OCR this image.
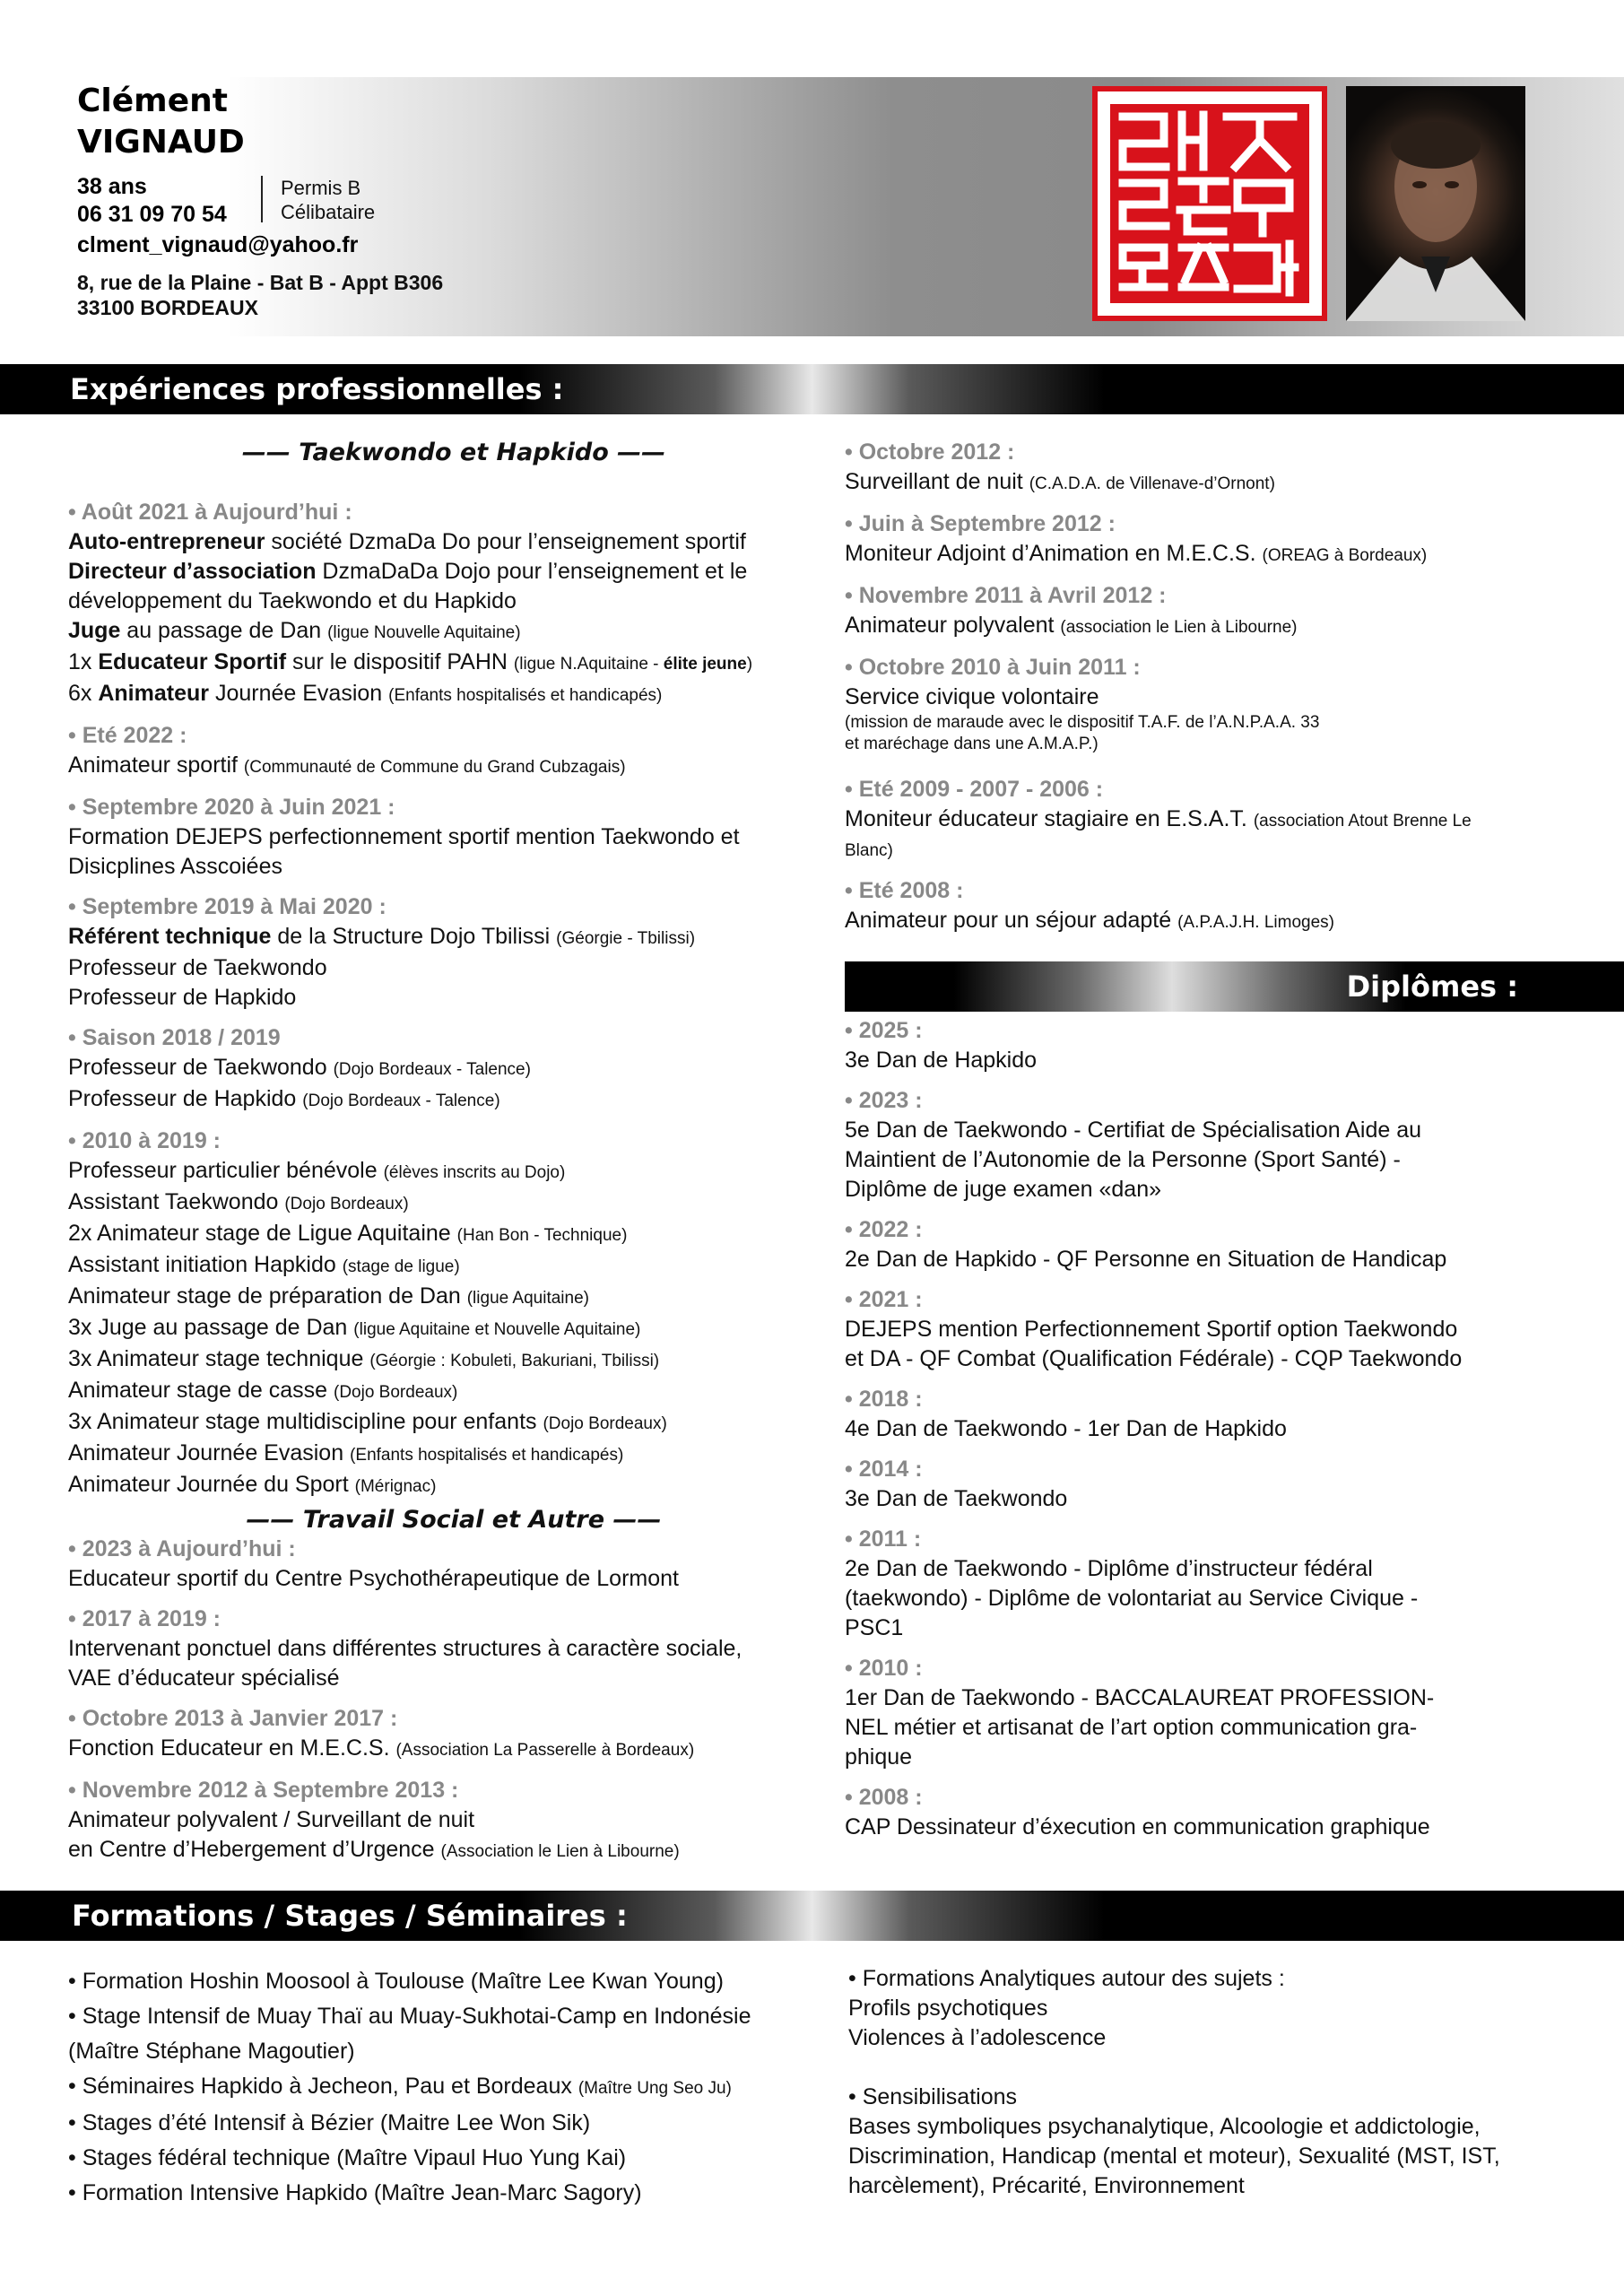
Clément
VIGNAUD
38 ans
06 31 09 70 54
Permis B
Célibataire
clment_vignaud@yahoo.fr
8, rue de la Plaine - Bat B - Appt B306
33100 BORDEAUX
Expériences professionnelles :
—— Taekwondo et Hapkido ——
• Août 2021 à Aujourd’hui :
Auto-entrepreneur société DzmaDa Do pour l’enseignement sportif
Directeur d’association DzmaDaDa Dojo pour l’enseignement et le
développement du Taekwondo et du Hapkido
Juge au passage de Dan (ligue Nouvelle Aquitaine)
1x Educateur Sportif sur le dispositif PAHN (ligue N.Aquitaine - élite jeune)
6x Animateur Journée Evasion (Enfants hospitalisés et handicapés)
• Eté 2022 :
Animateur sportif (Communauté de Commune du Grand Cubzagais)
• Septembre 2020 à Juin 2021 :
Formation DEJEPS perfectionnement sportif mention Taekwondo et
Disicplines Asscoiées
• Septembre 2019 à Mai 2020 :
Référent technique de la Structure Dojo Tbilissi (Géorgie - Tbilissi)
Professeur de Taekwondo
Professeur de Hapkido
• Saison 2018 / 2019
Professeur de Taekwondo (Dojo Bordeaux - Talence)
Professeur de Hapkido (Dojo Bordeaux - Talence)
• 2010 à 2019 :
Professeur particulier bénévole (élèves inscrits au Dojo)
Assistant Taekwondo (Dojo Bordeaux)
2x Animateur stage de Ligue Aquitaine (Han Bon - Technique)
Assistant initiation Hapkido (stage de ligue)
Animateur stage de préparation de Dan (ligue Aquitaine)
3x Juge au passage de Dan (ligue Aquitaine et Nouvelle Aquitaine)
3x Animateur stage technique (Géorgie : Kobuleti, Bakuriani, Tbilissi)
Animateur stage de casse (Dojo Bordeaux)
3x Animateur stage multidiscipline pour enfants (Dojo Bordeaux)
Animateur Journée Evasion (Enfants hospitalisés et handicapés)
Animateur Journée du Sport (Mérignac)
—— Travail Social et Autre ——
• 2023 à Aujourd’hui :
Educateur sportif du Centre Psychothérapeutique de Lormont
• 2017 à 2019 :
Intervenant ponctuel dans différentes structures à caractère sociale,
VAE d’éducateur spécialisé
• Octobre 2013 à Janvier 2017 :
Fonction Educateur en M.E.C.S. (Association La Passerelle à Bordeaux)
• Novembre 2012 à Septembre 2013 :
Animateur polyvalent / Surveillant de nuit
en Centre d’Hebergement d’Urgence (Association le Lien à Libourne)
• Octobre 2012 :
Surveillant de nuit (C.A.D.A. de Villenave-d’Ornont)
• Juin à Septembre 2012 :
Moniteur Adjoint d’Animation en M.E.C.S. (OREAG à Bordeaux)
• Novembre 2011 à Avril 2012 :
Animateur polyvalent (association le Lien à Libourne)
• Octobre 2010 à Juin 2011 :
Service civique volontaire
(mission de maraude avec le dispositif T.A.F. de l’A.N.P.A.A. 33
et maréchage dans une A.M.A.P.)
• Eté 2009 - 2007 - 2006 :
Moniteur éducateur stagiaire en E.S.A.T. (association Atout Brenne Le
Blanc)
• Eté 2008 :
Animateur pour un séjour adapté (A.P.A.J.H. Limoges)
Diplômes :
• 2025 :
3e Dan de Hapkido
• 2023 :
5e Dan de Taekwondo - Certifiat de Spécialisation Aide au
Maintient de l’Autonomie de la Personne (Sport Santé) -
Diplôme de juge examen «dan»
• 2022 :
2e Dan de Hapkido - QF Personne en Situation de Handicap
• 2021 :
DEJEPS mention Perfectionnement Sportif option Taekwondo
et DA - QF Combat (Qualification Fédérale) - CQP Taekwondo
• 2018 :
4e Dan de Taekwondo - 1er Dan de Hapkido
• 2014 :
3e Dan de Taekwondo
• 2011 :
2e Dan de Taekwondo - Diplôme d’instructeur fédéral
(taekwondo) - Diplôme de volontariat au Service Civique -
PSC1
• 2010 :
1er Dan de Taekwondo - BACCALAUREAT PROFESSION-
NEL métier et artisanat de l’art option communication gra-
phique
• 2008 :
CAP Dessinateur d’éxecution en communication graphique
Formations / Stages / Séminaires :
• Formation Hoshin Moosool à Toulouse (Maître Lee Kwan Young)
• Stage Intensif de Muay Thaï au Muay-Sukhotai-Camp en Indonésie
(Maître Stéphane Magoutier)
• Séminaires Hapkido à Jecheon, Pau et Bordeaux (Maître Ung Seo Ju)
• Stages d’été Intensif à Bézier (Maitre Lee Won Sik)
• Stages fédéral technique (Maître Vipaul Huo Yung Kai)
• Formation Intensive Hapkido (Maître Jean-Marc Sagory)
• Formations Analytiques autour des sujets :
Profils psychotiques
Violences à l’adolescence
• Sensibilisations
Bases symboliques psychanalytique, Alcoologie et addictologie,
Discrimination, Handicap (mental et moteur), Sexualité (MST, IST,
harcèlement), Précarité, Environnement
